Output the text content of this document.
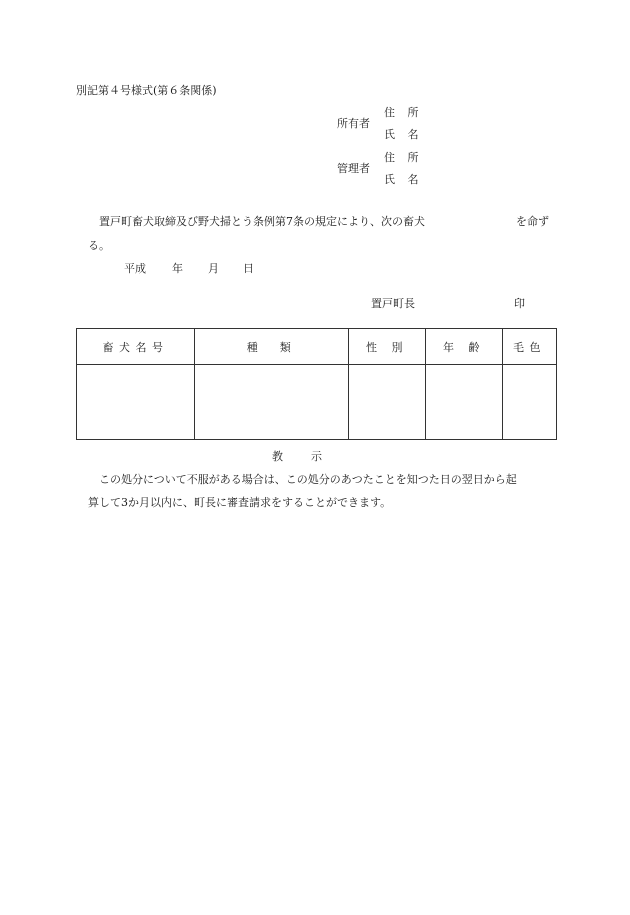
別記第４号様式(第６条関係)
所有者
住 所
氏 名
管理者
住 所
氏 名
置戸町畜犬取締及び野犬掃とう条例第7条の規定により、次の畜犬	を命ず
る。
平成 年 月 日
置戸町長	印
畜犬名号	種　類	性 別	年 齢	毛色

教　　示
この処分について不服がある場合は、この処分のあつたことを知つた日の翌日から起
算して3か月以内に、町長に審査請求をすることができます。
